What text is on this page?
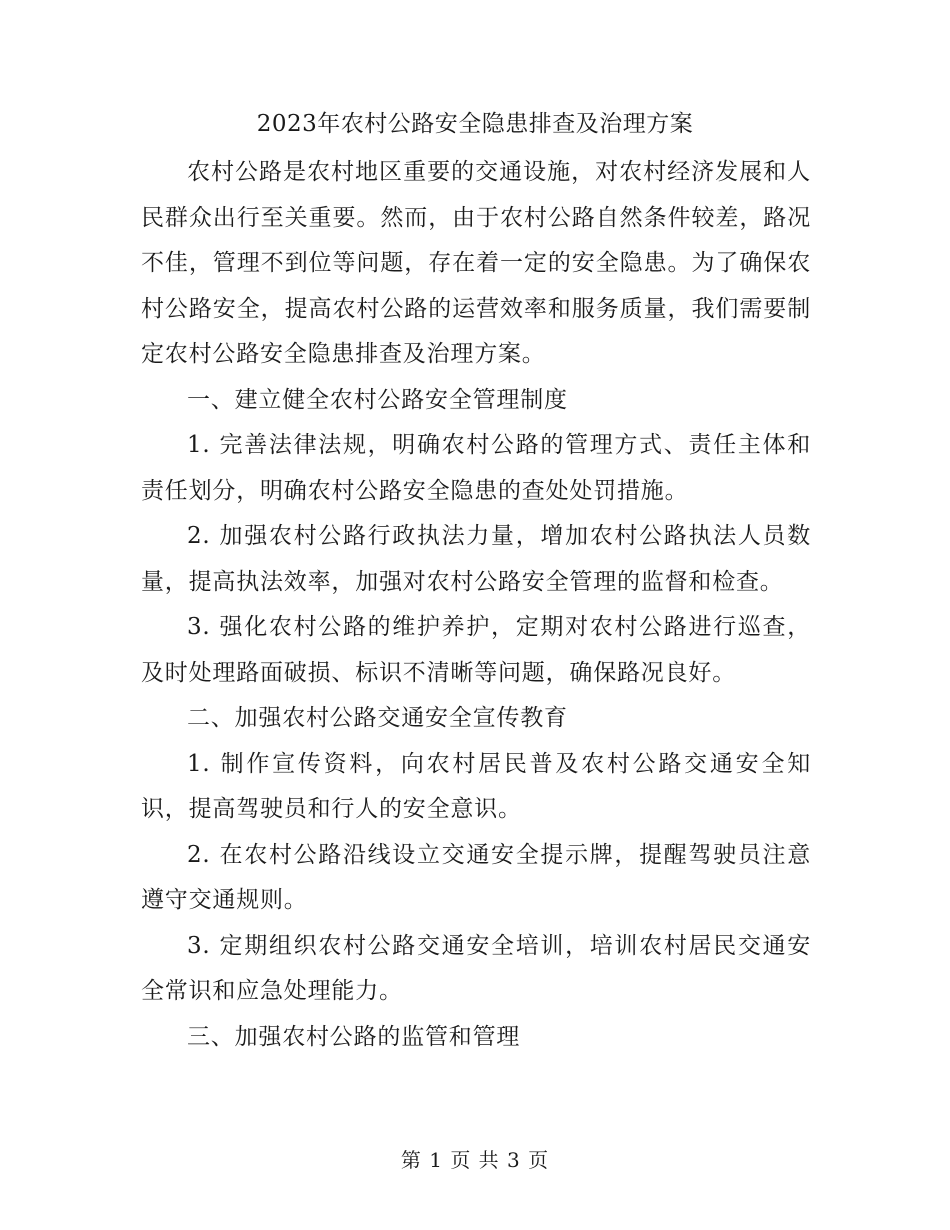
2023年农村公路安全隐患排查及治理方案

农村公路是农村地区重要的交通设施，对农村经济发展和人民群众出行至关重要。然而，由于农村公路自然条件较差，路况不佳，管理不到位等问题，存在着一定的安全隐患。为了确保农村公路安全，提高农村公路的运营效率和服务质量，我们需要制定农村公路安全隐患排查及治理方案。

一、建立健全农村公路安全管理制度

1. 完善法律法规，明确农村公路的管理方式、责任主体和责任划分，明确农村公路安全隐患的查处处罚措施。

2. 加强农村公路行政执法力量，增加农村公路执法人员数量，提高执法效率，加强对农村公路安全管理的监督和检查。

3. 强化农村公路的维护养护，定期对农村公路进行巡查，及时处理路面破损、标识不清晰等问题，确保路况良好。

二、加强农村公路交通安全宣传教育

1. 制作宣传资料，向农村居民普及农村公路交通安全知识，提高驾驶员和行人的安全意识。

2. 在农村公路沿线设立交通安全提示牌，提醒驾驶员注意遵守交通规则。

3. 定期组织农村公路交通安全培训，培训农村居民交通安全常识和应急处理能力。

三、加强农村公路的监管和管理

第 1 页 共 3 页
